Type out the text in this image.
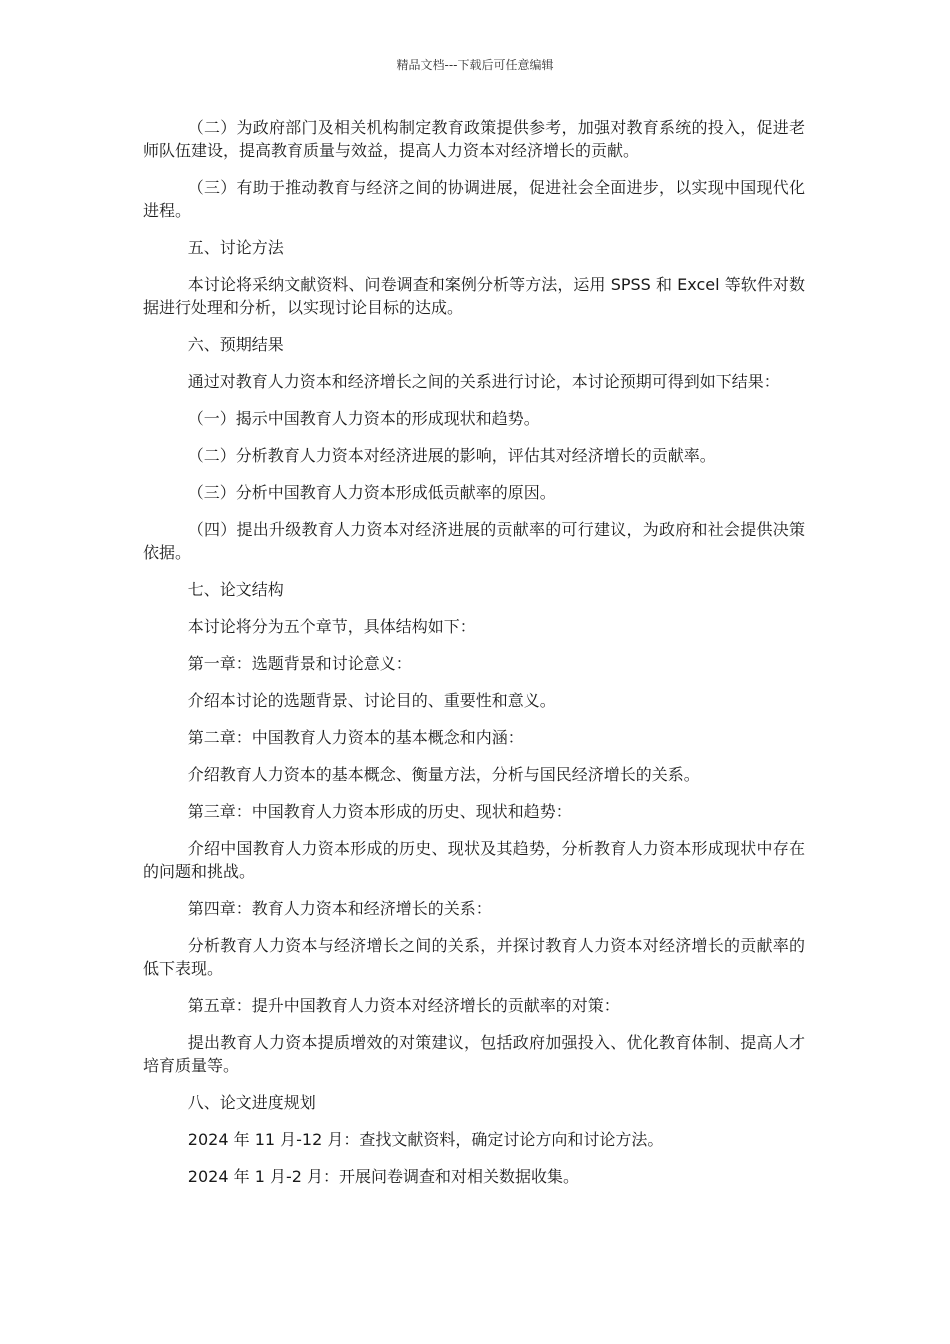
精品文档---下载后可任意编辑

（二）为政府部门及相关机构制定教育政策提供参考，加强对教育系统的投入，促进老师队伍建设，提高教育质量与效益，提高人力资本对经济增长的贡献。

（三）有助于推动教育与经济之间的协调进展，促进社会全面进步，以实现中国现代化进程。

五、讨论方法

本讨论将采纳文献资料、问卷调查和案例分析等方法，运用 SPSS 和 Excel 等软件对数据进行处理和分析，以实现讨论目标的达成。

六、预期结果

通过对教育人力资本和经济增长之间的关系进行讨论，本讨论预期可得到如下结果：

（一）揭示中国教育人力资本的形成现状和趋势。

（二）分析教育人力资本对经济进展的影响，评估其对经济增长的贡献率。

（三）分析中国教育人力资本形成低贡献率的原因。

（四）提出升级教育人力资本对经济进展的贡献率的可行建议，为政府和社会提供决策依据。

七、论文结构

本讨论将分为五个章节，具体结构如下：

第一章：选题背景和讨论意义：

介绍本讨论的选题背景、讨论目的、重要性和意义。

第二章：中国教育人力资本的基本概念和内涵：

介绍教育人力资本的基本概念、衡量方法，分析与国民经济增长的关系。

第三章：中国教育人力资本形成的历史、现状和趋势：

介绍中国教育人力资本形成的历史、现状及其趋势，分析教育人力资本形成现状中存在的问题和挑战。

第四章：教育人力资本和经济增长的关系：

分析教育人力资本与经济增长之间的关系，并探讨教育人力资本对经济增长的贡献率的低下表现。

第五章：提升中国教育人力资本对经济增长的贡献率的对策：

提出教育人力资本提质增效的对策建议，包括政府加强投入、优化教育体制、提高人才培育质量等。

八、论文进度规划

2024 年 11 月-12 月：查找文献资料，确定讨论方向和讨论方法。

2024 年 1 月-2 月：开展问卷调查和对相关数据收集。
